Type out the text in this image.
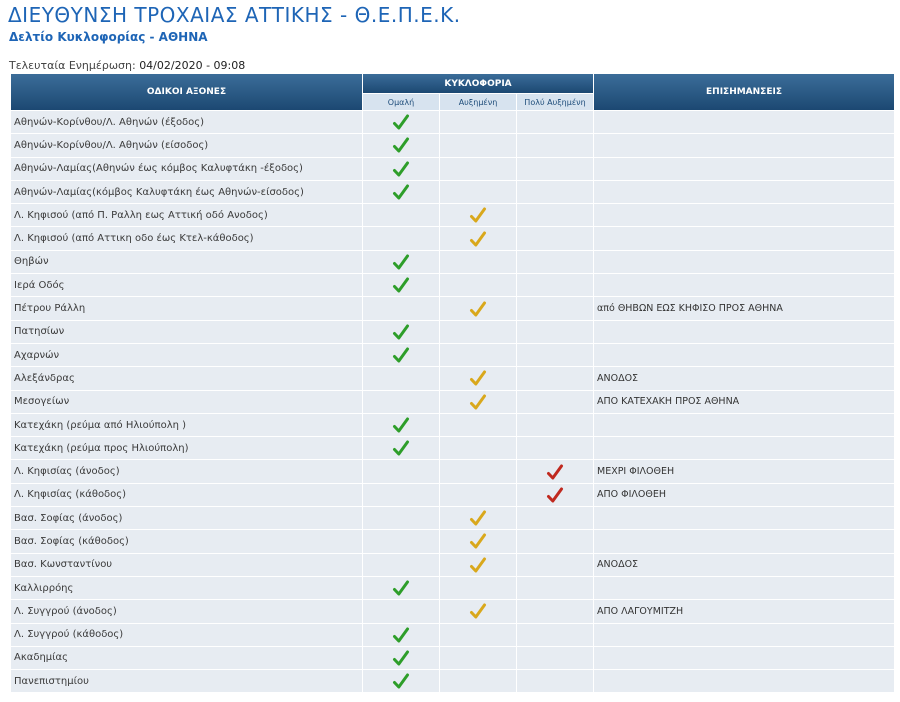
ΔΙΕΥΘΥΝΣΗ ΤΡΟΧΑΙΑΣ ΑΤΤΙΚΗΣ - Θ.Ε.Π.Ε.Κ.
Δελτίο Κυκλοφορίας - ΑΘΗΝΑ
Τελευταία Ενημέρωση: 04/02/2020 - 09:08
ΟΔΙΚΟΙ ΑΞΟΝΕΣ	ΚΥΚΛΟΦΟΡΙΑ			ΕΠΙΣΗΜΑΝΣΕΙΣ
	Ομαλή	Αυξημένη	Πολύ Αυξημένη	
Αθηνών-Κορίνθου/Λ. Αθηνών (έξοδος)				
Αθηνών-Κορίνθου/Λ. Αθηνών (είσοδος)				
Αθηνών-Λαμίας(Αθηνών έως κόμβος Καλυφτάκη -έξοδος)				
Αθηνών-Λαμίας(κόμβος Καλυφτάκη έως Αθηνών-είσοδος)				
Λ. Κηφισού (από Π. Ραλλη εως Αττική οδό Ανοδος)				
Λ. Κηφισού (από Αττικη οδο έως Κτελ-κάθοδος)				
Θηβών				
Ιερά Οδός				
Πέτρου Ράλλη				από ΘΗΒΩΝ ΕΩΣ ΚΗΦΙΣΟ ΠΡΟΣ ΑΘΗΝΑ
Πατησίων				
Αχαρνών				
Αλεξάνδρας				ΑΝΟΔΟΣ
Μεσογείων				ΑΠΟ ΚΑΤΕΧΑΚΗ ΠΡΟΣ ΑΘΗΝΑ
Κατεχάκη (ρεύμα από Ηλιούπολη )				
Κατεχάκη (ρεύμα προς Ηλιούπολη)				
Λ. Κηφισίας (άνοδος)				ΜΕΧΡΙ ΦΙΛΟΘΕΗ
Λ. Κηφισίας (κάθοδος)				ΑΠΟ ΦΙΛΟΘΕΗ
Βασ. Σοφίας (άνοδος)				
Βασ. Σοφίας (κάθοδος)				
Βασ. Κωνσταντίνου				ΑΝΟΔΟΣ
Καλλιρρόης				
Λ. Συγγρού (άνοδος)				ΑΠΟ ΛΑΓΟΥΜΙΤΖΗ
Λ. Συγγρού (κάθοδος)				
Ακαδημίας				
Πανεπιστημίου				
